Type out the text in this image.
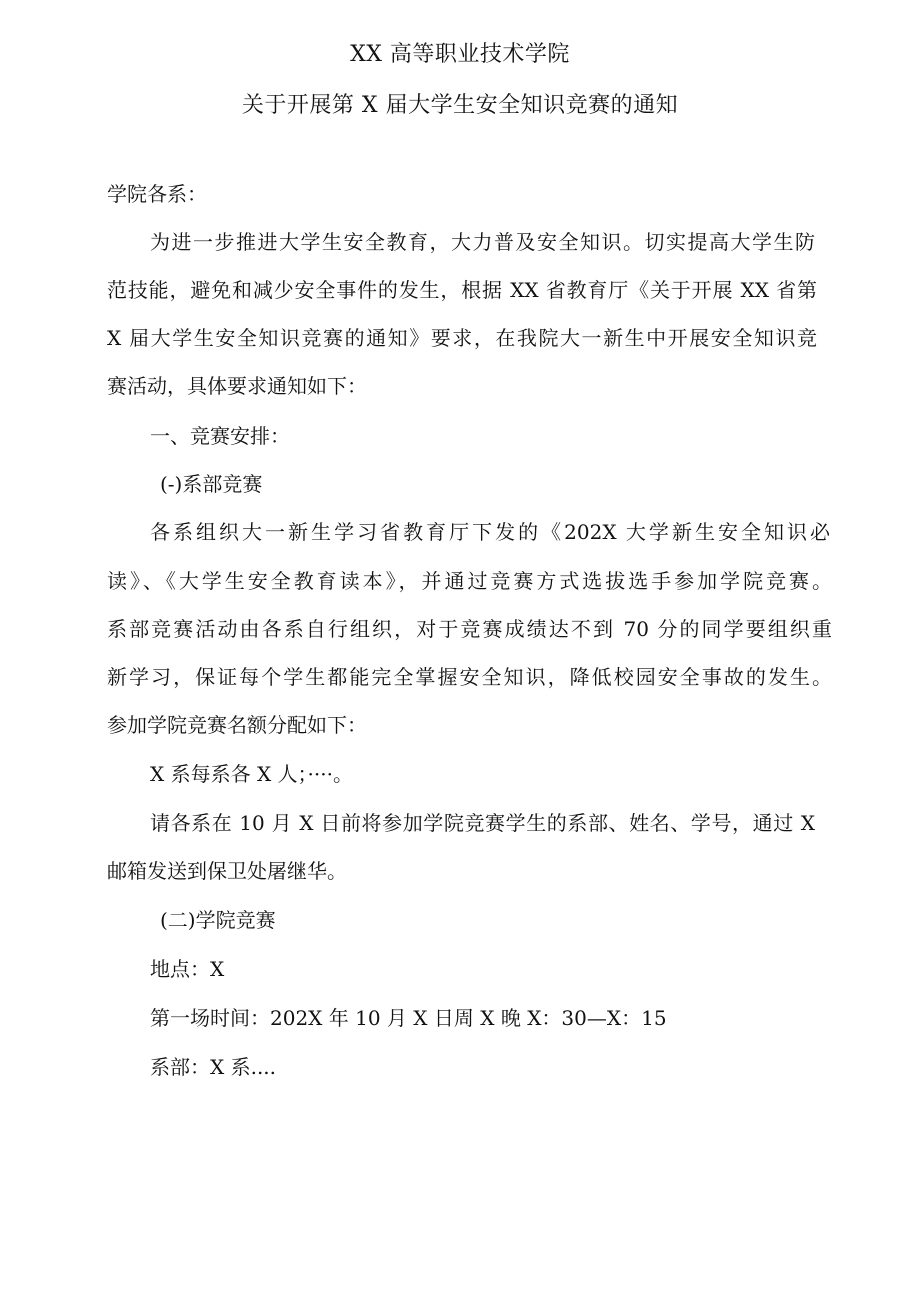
XX 高等职业技术学院
关于开展第 X 届大学生安全知识竞赛的通知
学院各系：
为进一步推进大学生安全教育，大力普及安全知识。切实提高大学生防
范技能，避免和减少安全事件的发生，根据 XX 省教育厅《关于开展 XX 省第
X 届大学生安全知识竞赛的通知》要求，在我院大一新生中开展安全知识竞
赛活动，具体要求通知如下：
一、竞赛安排：
(-)系部竞赛
各系组织大一新生学习省教育厅下发的《202X 大学新生安全知识必
读》、《大学生安全教育读本》，并通过竞赛方式选拔选手参加学院竞赛。
系部竞赛活动由各系自行组织，对于竞赛成绩达不到 70 分的同学要组织重
新学习，保证每个学生都能完全掌握安全知识，降低校园安全事故的发生。
参加学院竞赛名额分配如下：
X 系每系各 X 人；····。
请各系在 10 月 X 日前将参加学院竞赛学生的系部、姓名、学号，通过 X
邮箱发送到保卫处屠继华。
(二)学院竞赛
地点：X
第一场时间：202X 年 10 月 X 日周 X 晚 X：30—X：15
系部：X 系....
